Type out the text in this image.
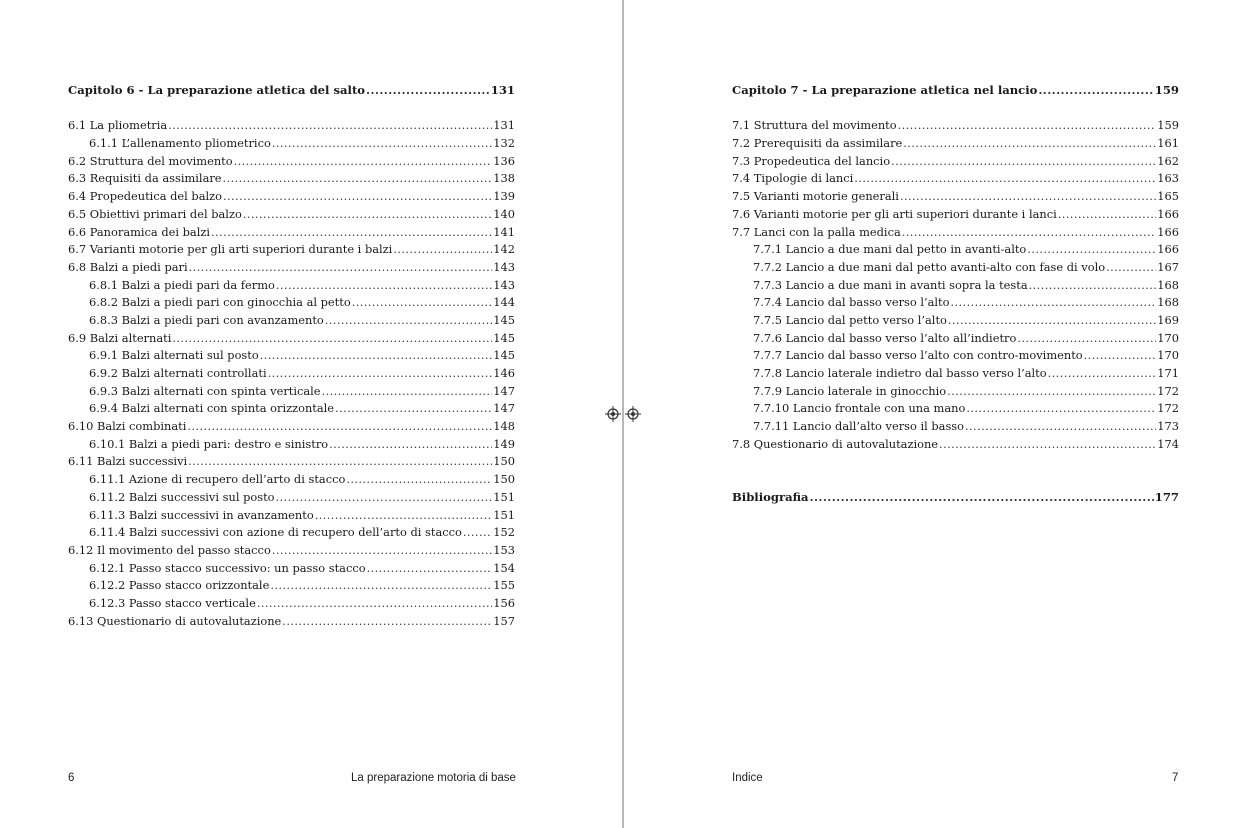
Capitolo 6 - La preparazione atletica del salto .....	131
6.1 La pliometria .....	131
6.1.1 L’allenamento pliometrico .....	132
6.2 Struttura del movimento .....	136
6.3 Requisiti da assimilare .....	138
6.4 Propedeutica del balzo .....	139
6.5 Obiettivi primari del balzo .....	140
6.6 Panoramica dei balzi .....	141
6.7 Varianti motorie per gli arti superiori durante i balzi .....	142
6.8 Balzi a piedi pari .....	143
6.8.1 Balzi a piedi pari da fermo .....	143
6.8.2 Balzi a piedi pari con ginocchia al petto .....	144
6.8.3 Balzi a piedi pari con avanzamento .....	145
6.9 Balzi alternati .....	145
6.9.1 Balzi alternati sul posto .....	145
6.9.2 Balzi alternati controllati .....	146
6.9.3 Balzi alternati con spinta verticale .....	147
6.9.4 Balzi alternati con spinta orizzontale .....	147
6.10 Balzi combinati .....	148
6.10.1 Balzi a piedi pari: destro e sinistro .....	149
6.11 Balzi successivi .....	150
6.11.1 Azione di recupero dell’arto di stacco .....	150
6.11.2 Balzi successivi sul posto .....	151
6.11.3 Balzi successivi in avanzamento .....	151
6.11.4 Balzi successivi con azione di recupero dell’arto di stacco .....	152
6.12 Il movimento del passo stacco .....	153
6.12.1 Passo stacco successivo: un passo stacco .....	154
6.12.2 Passo stacco orizzontale .....	155
6.12.3 Passo stacco verticale .....	156
6.13 Questionario di autovalutazione .....	157
6	La preparazione motoria di base
Capitolo 7 - La preparazione atletica nel lancio .....	159
7.1 Struttura del movimento .....	159
7.2 Prerequisiti da assimilare .....	161
7.3 Propedeutica del lancio .....	162
7.4 Tipologie di lanci .....	163
7.5 Varianti motorie generali .....	165
7.6 Varianti motorie per gli arti superiori durante i lanci .....	166
7.7 Lanci con la palla medica .....	166
7.7.1 Lancio a due mani dal petto in avanti-alto .....	166
7.7.2 Lancio a due mani dal petto avanti-alto con fase di volo .....	167
7.7.3 Lancio a due mani in avanti sopra la testa .....	168
7.7.4 Lancio dal basso verso l’alto .....	168
7.7.5 Lancio dal petto verso l’alto .....	169
7.7.6 Lancio dal basso verso l’alto all’indietro .....	170
7.7.7 Lancio dal basso verso l’alto con contro-movimento .....	170
7.7.8 Lancio laterale indietro dal basso verso l’alto .....	171
7.7.9 Lancio laterale in ginocchio .....	172
7.7.10 Lancio frontale con una mano .....	172
7.7.11 Lancio dall’alto verso il basso .....	173
7.8 Questionario di autovalutazione .....	174
Bibliografia .....	177
Indice	7
